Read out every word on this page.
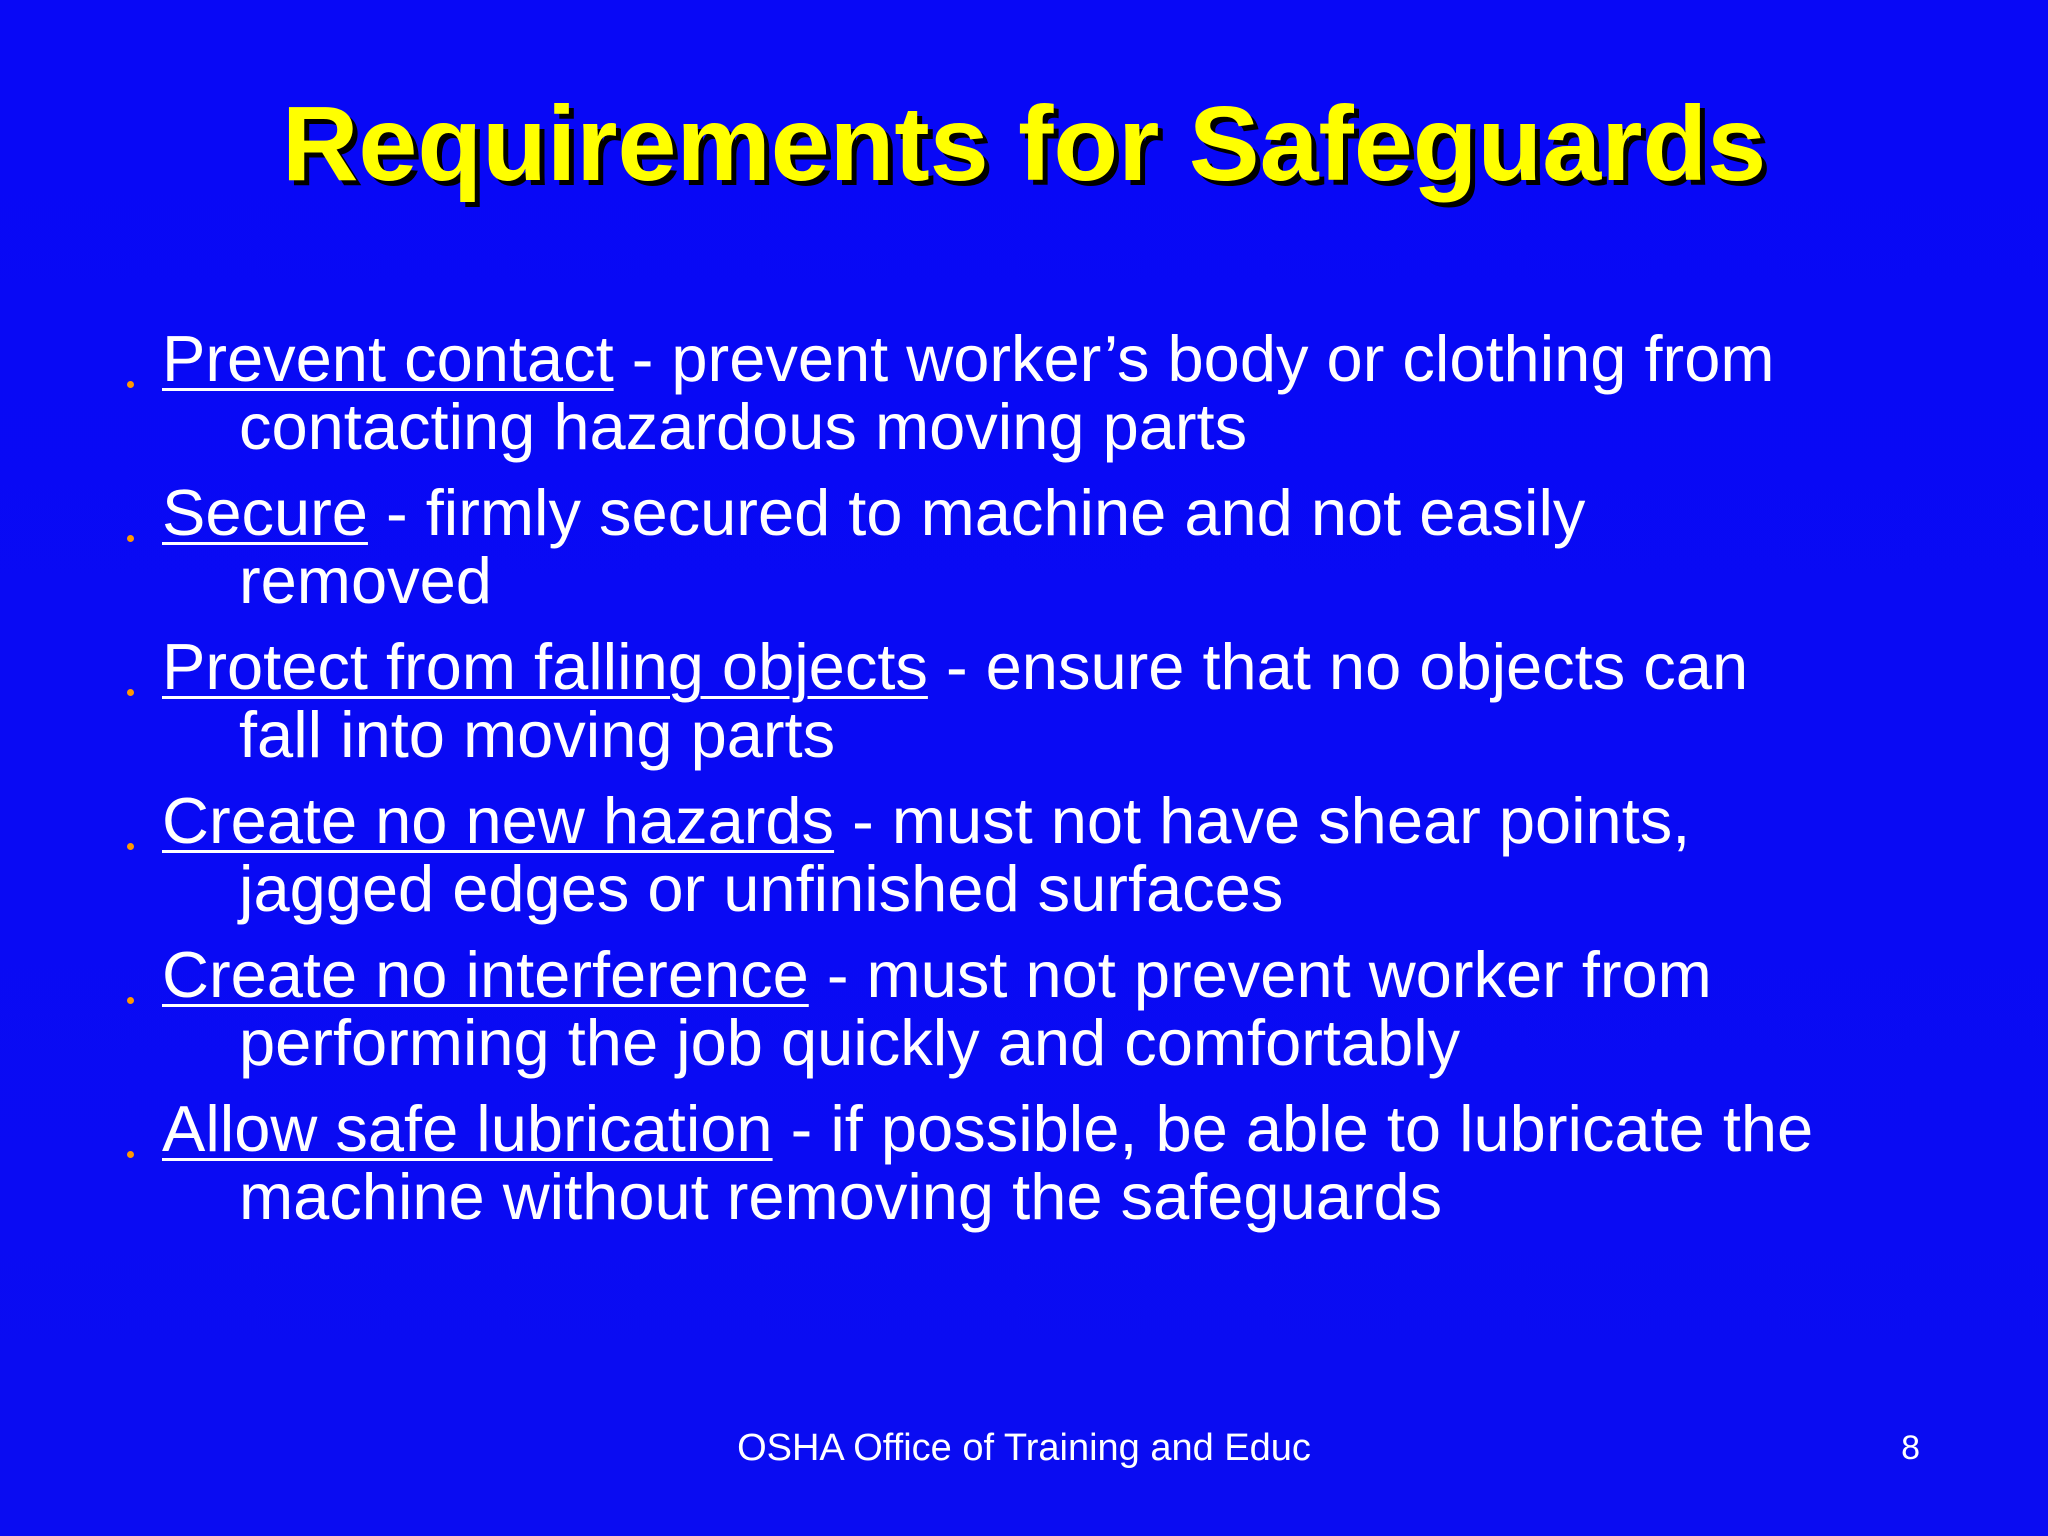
Requirements for Safeguards
Prevent contact - prevent worker’s body or clothing from
contacting hazardous moving parts
Secure - firmly secured to machine and not easily
removed
Protect from falling objects - ensure that no objects can
fall into moving parts
Create no new hazards - must not have shear points,
jagged edges or unfinished surfaces
Create no interference - must not prevent worker from
performing the job quickly and comfortably
Allow safe lubrication - if possible, be able to lubricate the
machine without removing the safeguards
OSHA Office of Training and Educ	8
